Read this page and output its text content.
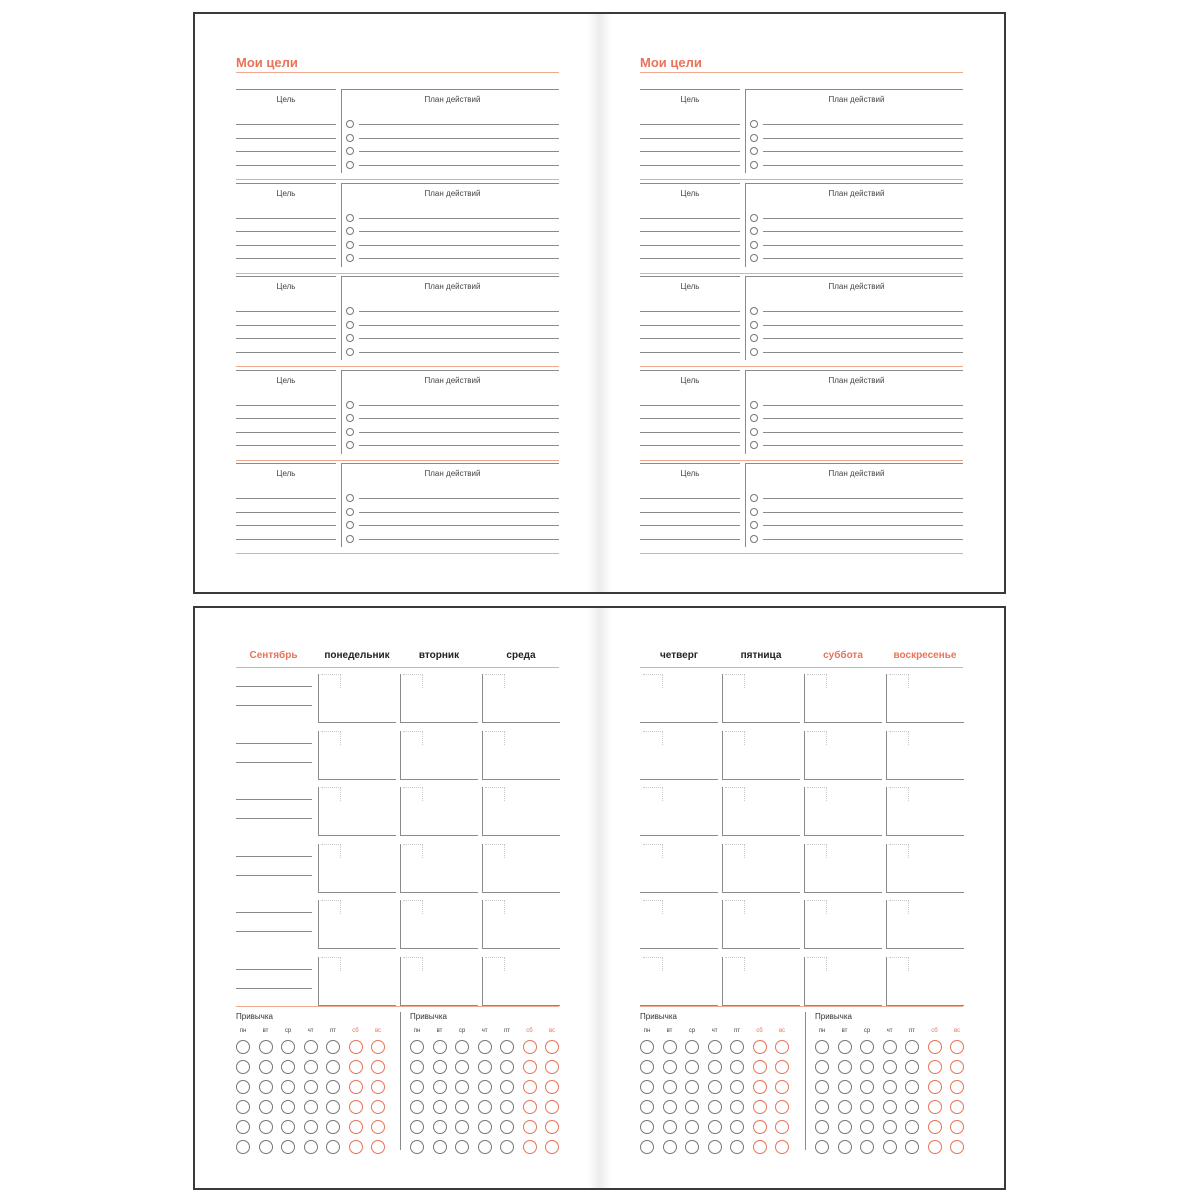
Мои цели
Цель	План действий
Цель	План действий
Цель	План действий
Цель	План действий
Цель	План действий
Мои цели
Цель	План действий
Цель	План действий
Цель	План действий
Цель	План действий
Цель	План действий
Сентябрь	понедельник	вторник	среда
Привычка
пн	вт	ср	чт	пт	сб	вс
Привычка
пн	вт	ср	чт	пт	сб	вс
четверг	пятница	суббота	воскресенье
Привычка
пн	вт	ср	чт	пт	сб	вс
Привычка
пн	вт	ср	чт	пт	сб	вс
